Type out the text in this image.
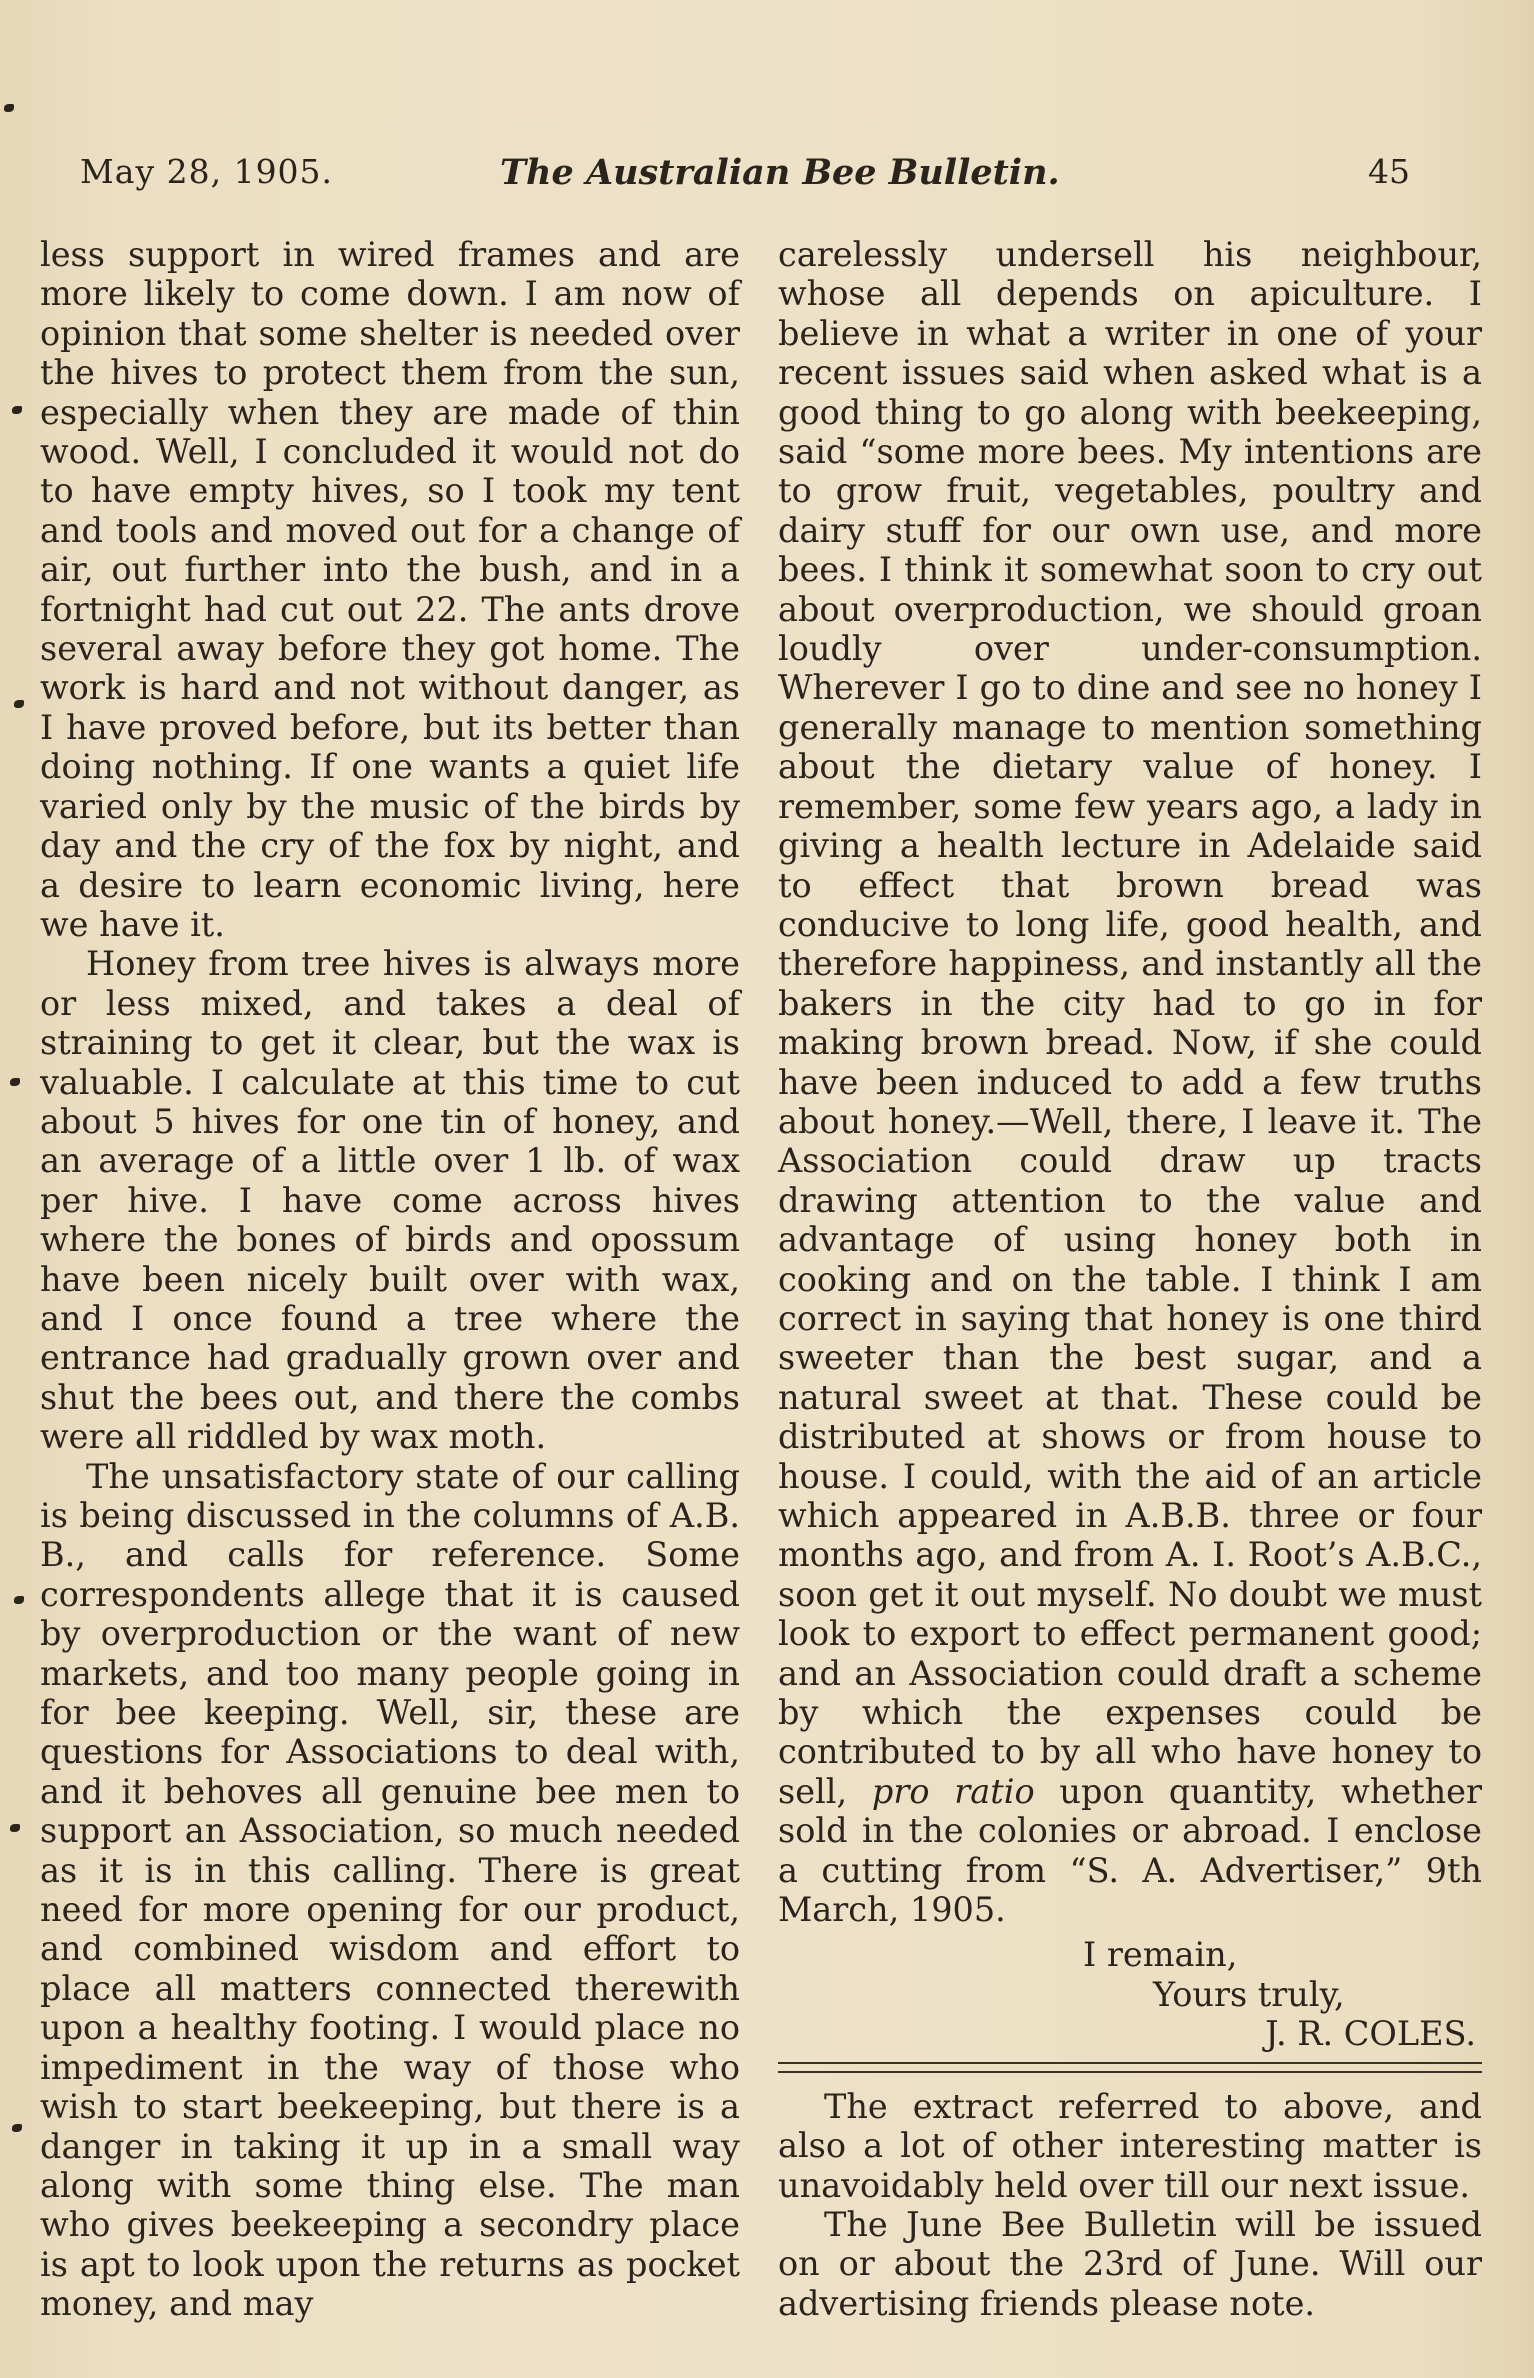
May 28, 1905.	The Australian Bee Bulletin.	45

less support in wired frames and are more likely to come down. I am now of opinion that some shelter is needed over the hives to protect them from the sun, especially when they are made of thin wood. Well, I concluded it would not do to have empty hives, so I took my tent and tools and moved out for a change of air, out further into the bush, and in a fortnight had cut out 22. The ants drove several away before they got home. The work is hard and not without danger, as I have proved before, but its better than doing nothing. If one wants a quiet life varied only by the music of the birds by day and the cry of the fox by night, and a desire to learn economic living, here we have it.

Honey from tree hives is always more or less mixed, and takes a deal of straining to get it clear, but the wax is valuable. I calculate at this time to cut about 5 hives for one tin of honey, and an average of a little over 1 lb. of wax per hive. I have come across hives where the bones of birds and opossum have been nicely built over with wax, and I once found a tree where the entrance had gradually grown over and shut the bees out, and there the combs were all riddled by wax moth.

The unsatisfactory state of our calling is being discussed in the columns of A.B. B., and calls for reference. Some correspondents allege that it is caused by overproduction or the want of new markets, and too many people going in for bee keeping. Well, sir, these are questions for Associations to deal with, and it behoves all genuine bee men to support an Association, so much needed as it is in this calling. There is great need for more opening for our product, and combined wisdom and effort to place all matters connected therewith upon a healthy footing. I would place no impediment in the way of those who wish to start beekeeping, but there is a danger in taking it up in a small way along with some thing else. The man who gives beekeeping a secondry place is apt to look upon the returns as pocket money, and may

carelessly undersell his neighbour, whose all depends on apiculture. I believe in what a writer in one of your recent issues said when asked what is a good thing to go along with beekeeping, said “some more bees. My intentions are to grow fruit, vegetables, poultry and dairy stuff for our own use, and more bees. I think it somewhat soon to cry out about overproduction, we should groan loudly over under-consumption. Wherever I go to dine and see no honey I generally manage to mention something about the dietary value of honey. I remember, some few years ago, a lady in giving a health lecture in Adelaide said to effect that brown bread was conducive to long life, good health, and therefore happiness, and instantly all the bakers in the city had to go in for making brown bread. Now, if she could have been induced to add a few truths about honey.—Well, there, I leave it. The Association could draw up tracts drawing attention to the value and advantage of using honey both in cooking and on the table. I think I am correct in saying that honey is one third sweeter than the best sugar, and a natural sweet at that. These could be distributed at shows or from house to house. I could, with the aid of an article which appeared in A.B.B. three or four months ago, and from A. I. Root’s A.B.C., soon get it out myself. No doubt we must look to export to effect permanent good; and an Association could draft a scheme by which the expenses could be contributed to by all who have honey to sell, pro ratio upon quantity, whether sold in the colonies or abroad. I enclose a cutting from “S. A. Advertiser,” 9th March, 1905.

I remain,
Yours truly,
J. R. COLES.

The extract referred to above, and also a lot of other interesting matter is unavoidably held over till our next issue.

The June Bee Bulletin will be issued on or about the 23rd of June. Will our advertising friends please note.
